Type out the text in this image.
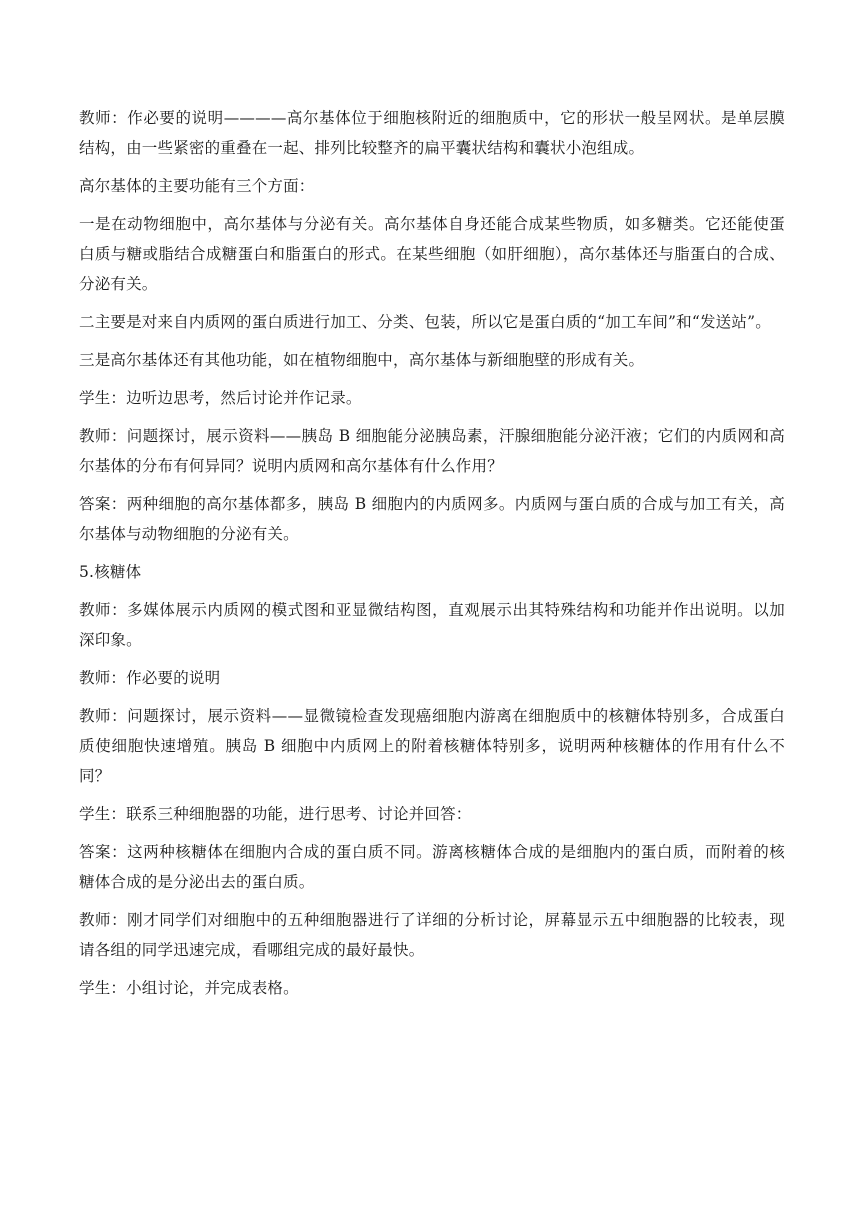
教师：作必要的说明————高尔基体位于细胞核附近的细胞质中，它的形状一般呈网状。是单层膜结构，由一些紧密的重叠在一起、排列比较整齐的扁平囊状结构和囊状小泡组成。

高尔基体的主要功能有三个方面：

一是在动物细胞中，高尔基体与分泌有关。高尔基体自身还能合成某些物质，如多糖类。它还能使蛋白质与糖或脂结合成糖蛋白和脂蛋白的形式。在某些细胞（如肝细胞），高尔基体还与脂蛋白的合成、分泌有关。

二主要是对来自内质网的蛋白质进行加工、分类、包装，所以它是蛋白质的“加工车间”和“发送站”。

三是高尔基体还有其他功能，如在植物细胞中，高尔基体与新细胞壁的形成有关。

学生：边听边思考，然后讨论并作记录。

教师：问题探讨，展示资料——胰岛 B 细胞能分泌胰岛素，汗腺细胞能分泌汗液；它们的内质网和高尔基体的分布有何异同？说明内质网和高尔基体有什么作用？

答案：两种细胞的高尔基体都多，胰岛 B 细胞内的内质网多。内质网与蛋白质的合成与加工有关，高尔基体与动物细胞的分泌有关。

5.核糖体

教师：多媒体展示内质网的模式图和亚显微结构图，直观展示出其特殊结构和功能并作出说明。以加深印象。

教师：作必要的说明

教师：问题探讨，展示资料——显微镜检查发现癌细胞内游离在细胞质中的核糖体特别多，合成蛋白质使细胞快速增殖。胰岛 B 细胞中内质网上的附着核糖体特别多，说明两种核糖体的作用有什么不同？

学生：联系三种细胞器的功能，进行思考、讨论并回答：

答案：这两种核糖体在细胞内合成的蛋白质不同。游离核糖体合成的是细胞内的蛋白质，而附着的核糖体合成的是分泌出去的蛋白质。

教师：刚才同学们对细胞中的五种细胞器进行了详细的分析讨论，屏幕显示五中细胞器的比较表，现请各组的同学迅速完成，看哪组完成的最好最快。

学生：小组讨论，并完成表格。
